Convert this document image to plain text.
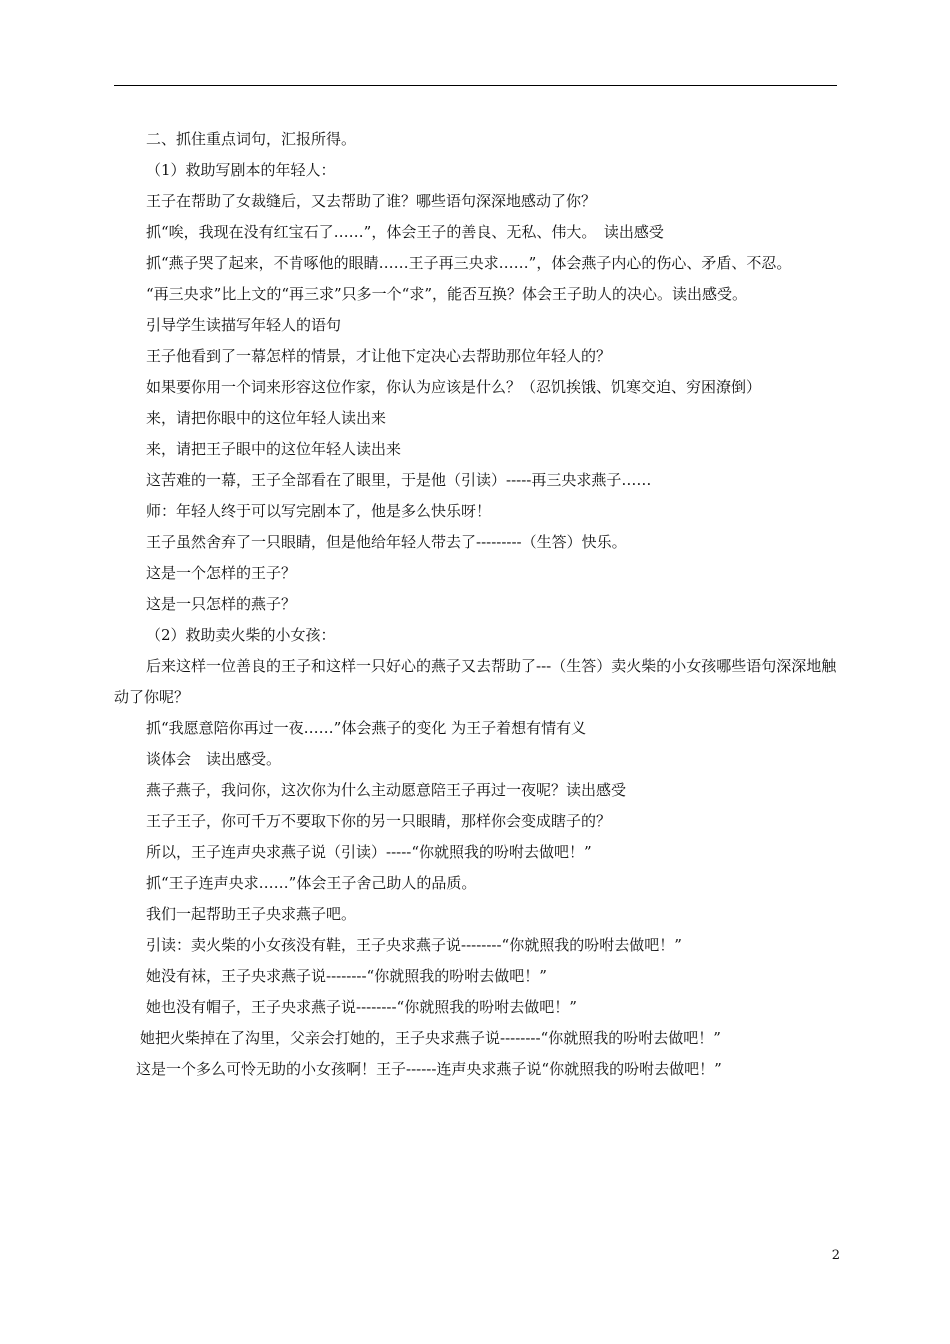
二、抓住重点词句，汇报所得。

（1）救助写剧本的年轻人：

王子在帮助了女裁缝后，又去帮助了谁？哪些语句深深地感动了你？

抓“唉，我现在没有红宝石了……”，体会王子的善良、无私、伟大。　读出感受

抓“燕子哭了起来，不肯啄他的眼睛……王子再三央求……”，体会燕子内心的伤心、矛盾、不忍。

“再三央求”比上文的“再三求”只多一个“求”，能否互换？体会王子助人的决心。读出感受。

引导学生读描写年轻人的语句

王子他看到了一幕怎样的情景，才让他下定决心去帮助那位年轻人的？

如果要你用一个词来形容这位作家，你认为应该是什么？（忍饥挨饿、饥寒交迫、穷困潦倒）

来，请把你眼中的这位年轻人读出来

来，请把王子眼中的这位年轻人读出来

这苦难的一幕，王子全部看在了眼里，于是他（引读）-----再三央求燕子……

师：年轻人终于可以写完剧本了，他是多么快乐呀！

王子虽然舍弃了一只眼睛，但是他给年轻人带去了---------（生答）快乐。

这是一个怎样的王子？

这是一只怎样的燕子？

（2）救助卖火柴的小女孩：

后来这样一位善良的王子和这样一只好心的燕子又去帮助了---（生答）卖火柴的小女孩哪些语句深深地触动了你呢？

抓“我愿意陪你再过一夜……”体会燕子的变化 为王子着想有情有义

谈体会　读出感受。

燕子燕子，我问你，这次你为什么主动愿意陪王子再过一夜呢？读出感受

王子王子，你可千万不要取下你的另一只眼睛，那样你会变成瞎子的？

所以，王子连声央求燕子说（引读）-----“你就照我的吩咐去做吧！”

抓“王子连声央求……”体会王子舍己助人的品质。

我们一起帮助王子央求燕子吧。

引读：卖火柴的小女孩没有鞋，王子央求燕子说--------“你就照我的吩咐去做吧！”

她没有袜，王子央求燕子说--------“你就照我的吩咐去做吧！”

她也没有帽子，王子央求燕子说--------“你就照我的吩咐去做吧！”

她把火柴掉在了沟里，父亲会打她的，王子央求燕子说--------“你就照我的吩咐去做吧！”

这是一个多么可怜无助的小女孩啊！王子------连声央求燕子说“你就照我的吩咐去做吧！”

2
